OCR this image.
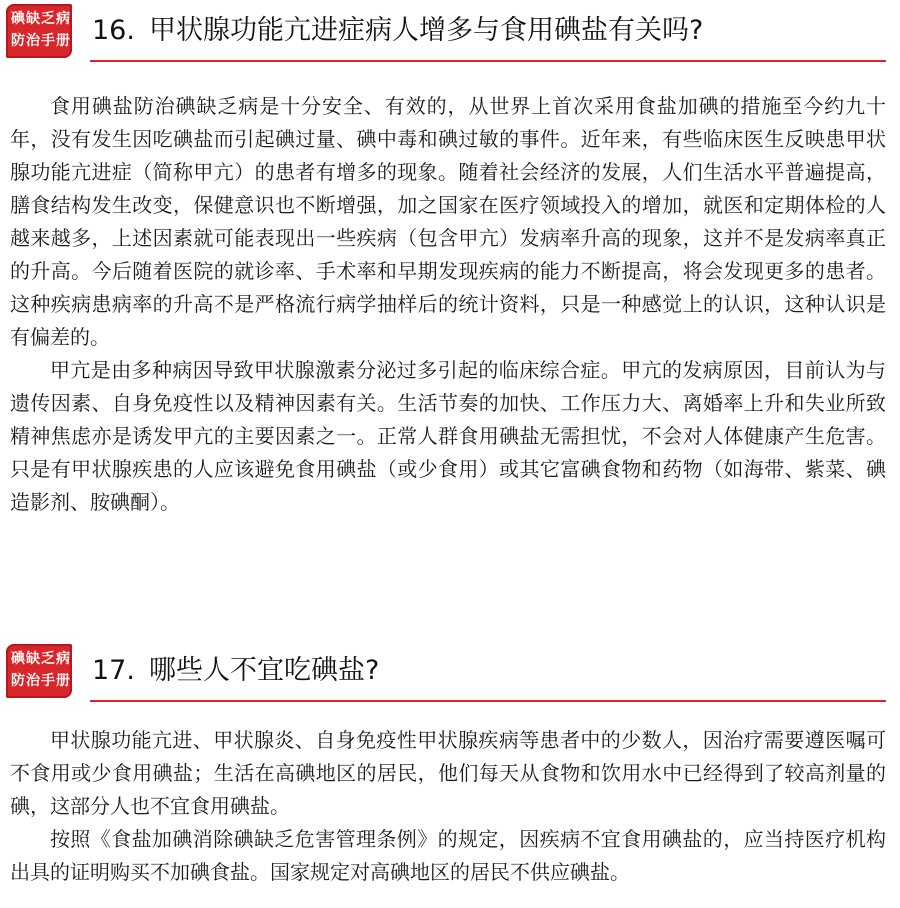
碘缺乏病
防治手册 16. 甲状腺功能亢进症病人增多与食用碘盐有关吗?

食用碘盐防治碘缺乏病是十分安全、有效的，从世界上首次采用食盐加碘的措施至今约九十年，没有发生因吃碘盐而引起碘过量、碘中毒和碘过敏的事件。近年来，有些临床医生反映患甲状腺功能亢进症（简称甲亢）的患者有增多的现象。随着社会经济的发展，人们生活水平普遍提高，膳食结构发生改变，保健意识也不断增强，加之国家在医疗领域投入的增加，就医和定期体检的人越来越多，上述因素就可能表现出一些疾病（包含甲亢）发病率升高的现象，这并不是发病率真正的升高。今后随着医院的就诊率、手术率和早期发现疾病的能力不断提高，将会发现更多的患者。这种疾病患病率的升高不是严格流行病学抽样后的统计资料，只是一种感觉上的认识，这种认识是有偏差的。

甲亢是由多种病因导致甲状腺激素分泌过多引起的临床综合症。甲亢的发病原因，目前认为与遗传因素、自身免疫性以及精神因素有关。生活节奏的加快、工作压力大、离婚率上升和失业所致精神焦虑亦是诱发甲亢的主要因素之一。正常人群食用碘盐无需担忧，不会对人体健康产生危害。只是有甲状腺疾患的人应该避免食用碘盐（或少食用）或其它富碘食物和药物（如海带、紫菜、碘造影剂、胺碘酮）。

碘缺乏病
防治手册 17. 哪些人不宜吃碘盐?

甲状腺功能亢进、甲状腺炎、自身免疫性甲状腺疾病等患者中的少数人，因治疗需要遵医嘱可不食用或少食用碘盐；生活在高碘地区的居民，他们每天从食物和饮用水中已经得到了较高剂量的碘，这部分人也不宜食用碘盐。

按照《食盐加碘消除碘缺乏危害管理条例》的规定，因疾病不宜食用碘盐的，应当持医疗机构出具的证明购买不加碘食盐。国家规定对高碘地区的居民不供应碘盐。
